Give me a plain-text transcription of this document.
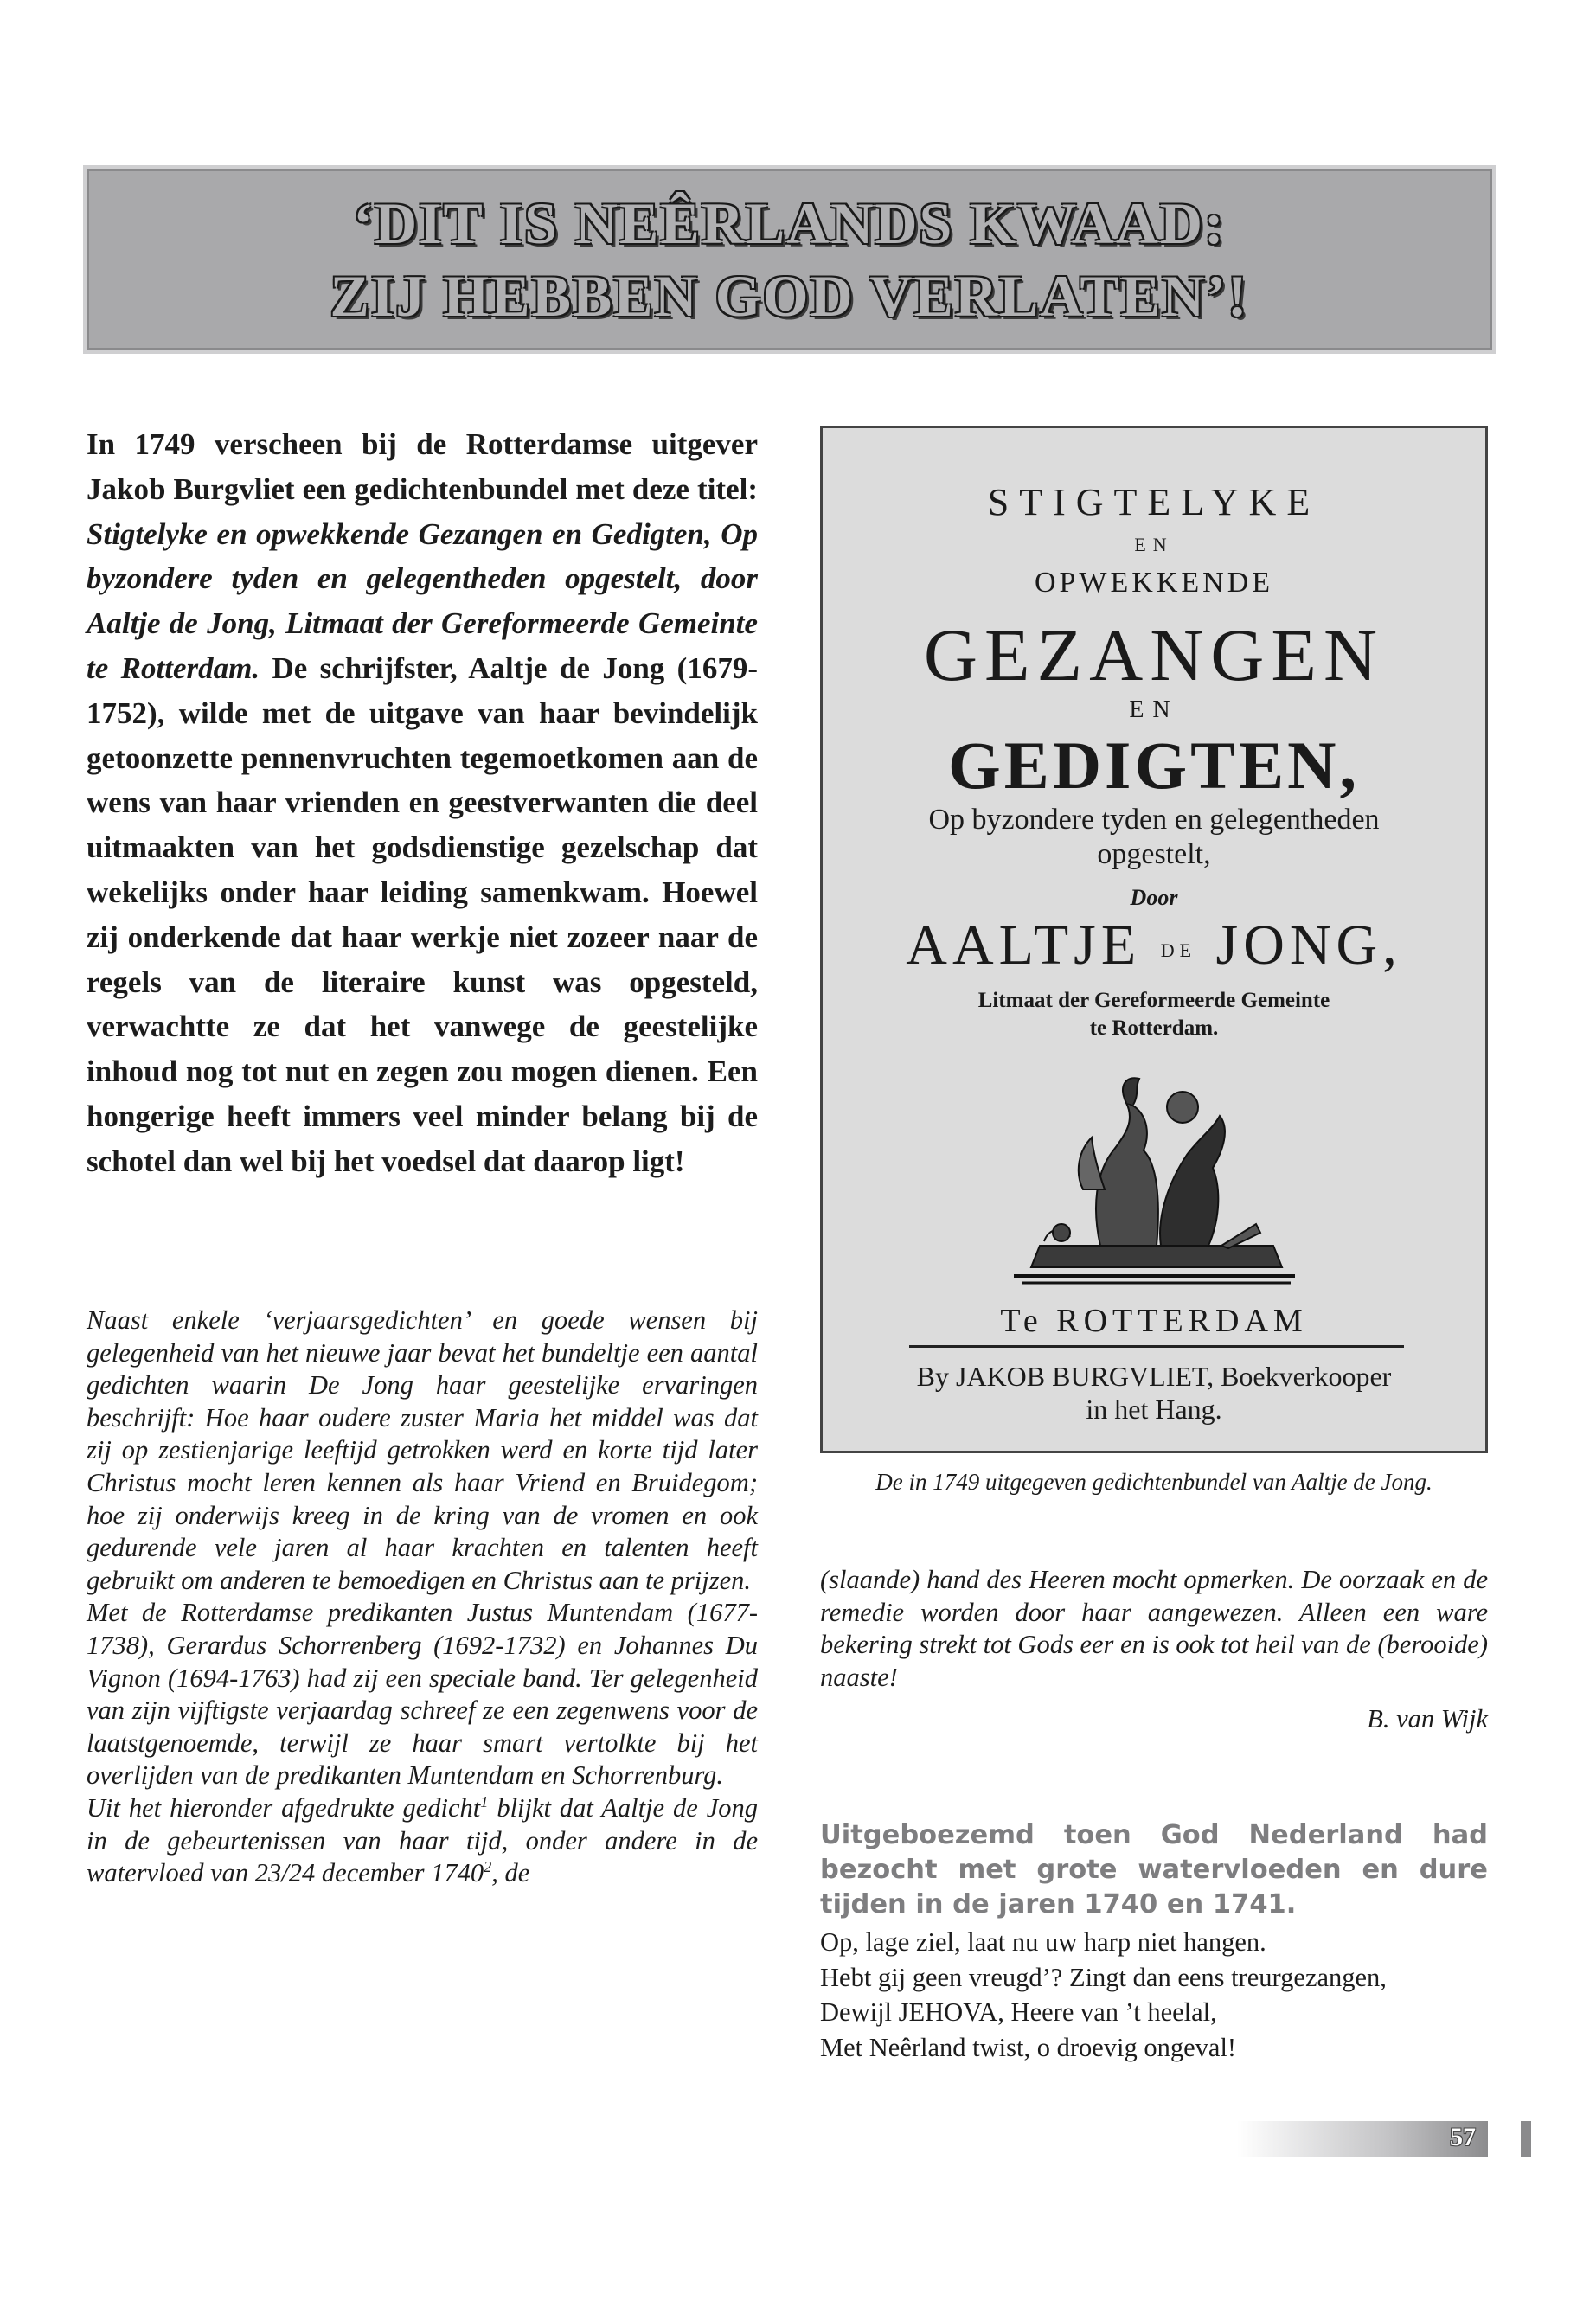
‘DIT IS NEÊRLANDS KWAAD:
ZIJ HEBBEN GOD VERLATEN’!

In 1749 verscheen bij de Rotterdamse uitgever Jakob Burgvliet een gedichtenbundel met deze titel: Stigtelyke en opwekkende Gezangen en Gedigten, Op byzondere tyden en gelegentheden opgestelt, door Aaltje de Jong, Litmaat der Gereformeerde Gemeinte te Rotterdam. De schrijfster, Aaltje de Jong (1679-1752), wilde met de uitgave van haar bevindelijk getoonzette pennenvruchten tegemoetkomen aan de wens van haar vrienden en geestverwanten die deel uitmaakten van het godsdienstige gezelschap dat wekelijks onder haar leiding samenkwam. Hoewel zij onderkende dat haar werkje niet zozeer naar de regels van de literaire kunst was opgesteld, verwachtte ze dat het vanwege de geestelijke inhoud nog tot nut en zegen zou mogen dienen. Een hongerige heeft immers veel minder belang bij de schotel dan wel bij het voedsel dat daarop ligt!

Naast enkele ‘verjaarsgedichten’ en goede wensen bij gelegenheid van het nieuwe jaar bevat het bundeltje een aantal gedichten waarin De Jong haar geestelijke ervaringen beschrijft: Hoe haar oudere zuster Maria het middel was dat zij op zestienjarige leeftijd getrokken werd en korte tijd later Christus mocht leren kennen als haar Vriend en Bruidegom; hoe zij onderwijs kreeg in de kring van de vromen en ook gedurende vele jaren al haar krachten en talenten heeft gebruikt om anderen te bemoedigen en Christus aan te prijzen.

Met de Rotterdamse predikanten Justus Muntendam (1677-1738), Gerardus Schorrenberg (1692-1732) en Johannes Du Vignon (1694-1763) had zij een speciale band. Ter gelegenheid van zijn vijftigste verjaardag schreef ze een zegenwens voor de laatstgenoemde, terwijl ze haar smart vertolkte bij het overlijden van de predikanten Muntendam en Schorrenburg.

Uit het hieronder afgedrukte gedicht$^1$ blijkt dat Aaltje de Jong in de gebeurtenissen van haar tijd, onder andere in de watervloed van 23/24 december 1740$^2$, de

STIGTELYKE
EN
OPWEKKENDE
GEZANGEN
EN
GEDIGTEN,
Op byzondere tyden en gelegentheden
opgestelt,
Door
AALTJE DE JONG,
Litmaat der Gereformeerde Gemeinte
te Rotterdam.
Te ROTTERDAM
By JAKOB BURGVLIET, Boekverkooper
in het Hang.
De in 1749 uitgegeven gedichtenbundel van Aaltje de Jong.

(slaande) hand des Heeren mocht opmerken. De oorzaak en de remedie worden door haar aangewezen. Alleen een ware bekering strekt tot Gods eer en is ook tot heil van de (berooide) naaste!

B. van Wijk

Uitgeboezemd toen God Nederland had bezocht met grote watervloeden en dure tijden in de jaren 1740 en 1741.

Op, lage ziel, laat nu uw harp niet hangen.
Hebt gij geen vreugd’? Zingt dan eens treurgezangen,
Dewijl JEHOVA, Heere van ’t heelal,
Met Neêrland twist, o droevig ongeval!
57
